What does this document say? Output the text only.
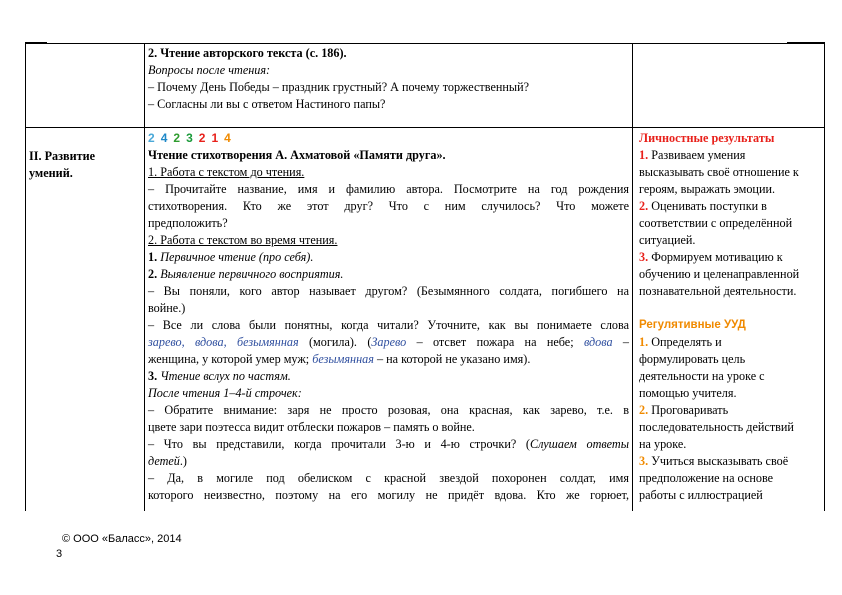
2. Чтение авторского текста (с. 186).
Вопросы после чтения:
– Почему День Победы – праздник грустный? А почему торжественный?
– Согласны ли вы с ответом Настиного папы?
II. Развитие умений.
2 4 2 3 2 1 4
Чтение стихотворения А. Ахматовой «Памяти друга».
1. Работа с текстом до чтения.
– Прочитайте название, имя и фамилию автора. Посмотрите на год рождения
стихотворения. Кто же этот друг? Что с ним случилось? Что можете
предположить?
2. Работа с текстом во время чтения.
1. Первичное чтение (про себя).
2. Выявление первичного восприятия.
– Вы поняли, кого автор называет другом? (Безымянного солдата, погибшего на
войне.)
– Все ли слова были понятны, когда читали? Уточните, как вы понимаете слова
зарево, вдова, безымянная (могила). (Зарево – отсвет пожара на небе; вдова –
женщина, у которой умер муж; безымянная – на которой не указано имя).
3. Чтение вслух по частям.
После чтения 1–4-й строчек:
– Обратите внимание: заря не просто розовая, она красная, как зарево, т.е. в
цвете зари поэтесса видит отблески пожаров – память о войне.
– Что вы представили, когда прочитали 3-ю и 4-ю строчки? (Слушаем ответы
детей.)
– Да, в могиле под обелиском с красной звездой похоронен солдат, имя
которого неизвестно, поэтому на его могилу не придёт вдова. Кто же горюет,
Личностные результаты
1. Развиваем умения
высказывать своё отношение к
героям, выражать эмоции.
2. Оценивать поступки в
соответствии с определённой
ситуацией.
3. Формируем мотивацию к
обучению и целенаправленной
познавательной деятельности.
Регулятивные УУД
1. Определять и
формулировать цель
деятельности на уроке с
помощью учителя.
2. Проговаривать
последовательность действий
на уроке.
3. Учиться высказывать своё
предположение на основе
работы с иллюстрацией
© ООО «Баласс», 2014
3
